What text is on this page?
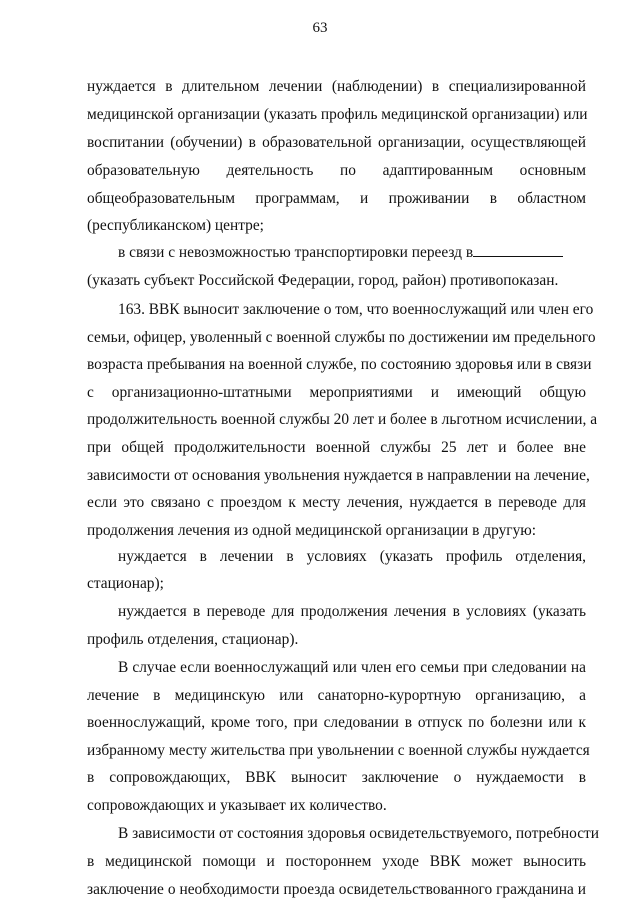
63
нуждается в длительном лечении (наблюдении) в специализированной
медицинской организации (указать профиль медицинской организации) или
воспитании (обучении) в образовательной организации, осуществляющей
образовательную деятельность по адаптированным основным
общеобразовательным программам, и проживании в областном
(республиканском) центре;
в связи с невозможностью транспортировки переезд в
(указать субъект Российской Федерации, город, район) противопоказан.
163. ВВК выносит заключение о том, что военнослужащий или член его
семьи, офицер, уволенный с военной службы по достижении им предельного
возраста пребывания на военной службе, по состоянию здоровья или в связи
с организационно-штатными мероприятиями и имеющий общую
продолжительность военной службы 20 лет и более в льготном исчислении, а
при общей продолжительности военной службы 25 лет и более вне
зависимости от основания увольнения нуждается в направлении на лечение,
если это связано с проездом к месту лечения, нуждается в переводе для
продолжения лечения из одной медицинской организации в другую:
нуждается в лечении в условиях (указать профиль отделения,
стационар);
нуждается в переводе для продолжения лечения в условиях (указать
профиль отделения, стационар).
В случае если военнослужащий или член его семьи при следовании на
лечение в медицинскую или санаторно-курортную организацию, а
военнослужащий, кроме того, при следовании в отпуск по болезни или к
избранному месту жительства при увольнении с военной службы нуждается
в сопровождающих, ВВК выносит заключение о нуждаемости в
сопровождающих и указывает их количество.
В зависимости от состояния здоровья освидетельствуемого, потребности
в медицинской помощи и постороннем уходе ВВК может выносить
заключение о необходимости проезда освидетельствованного гражданина и
